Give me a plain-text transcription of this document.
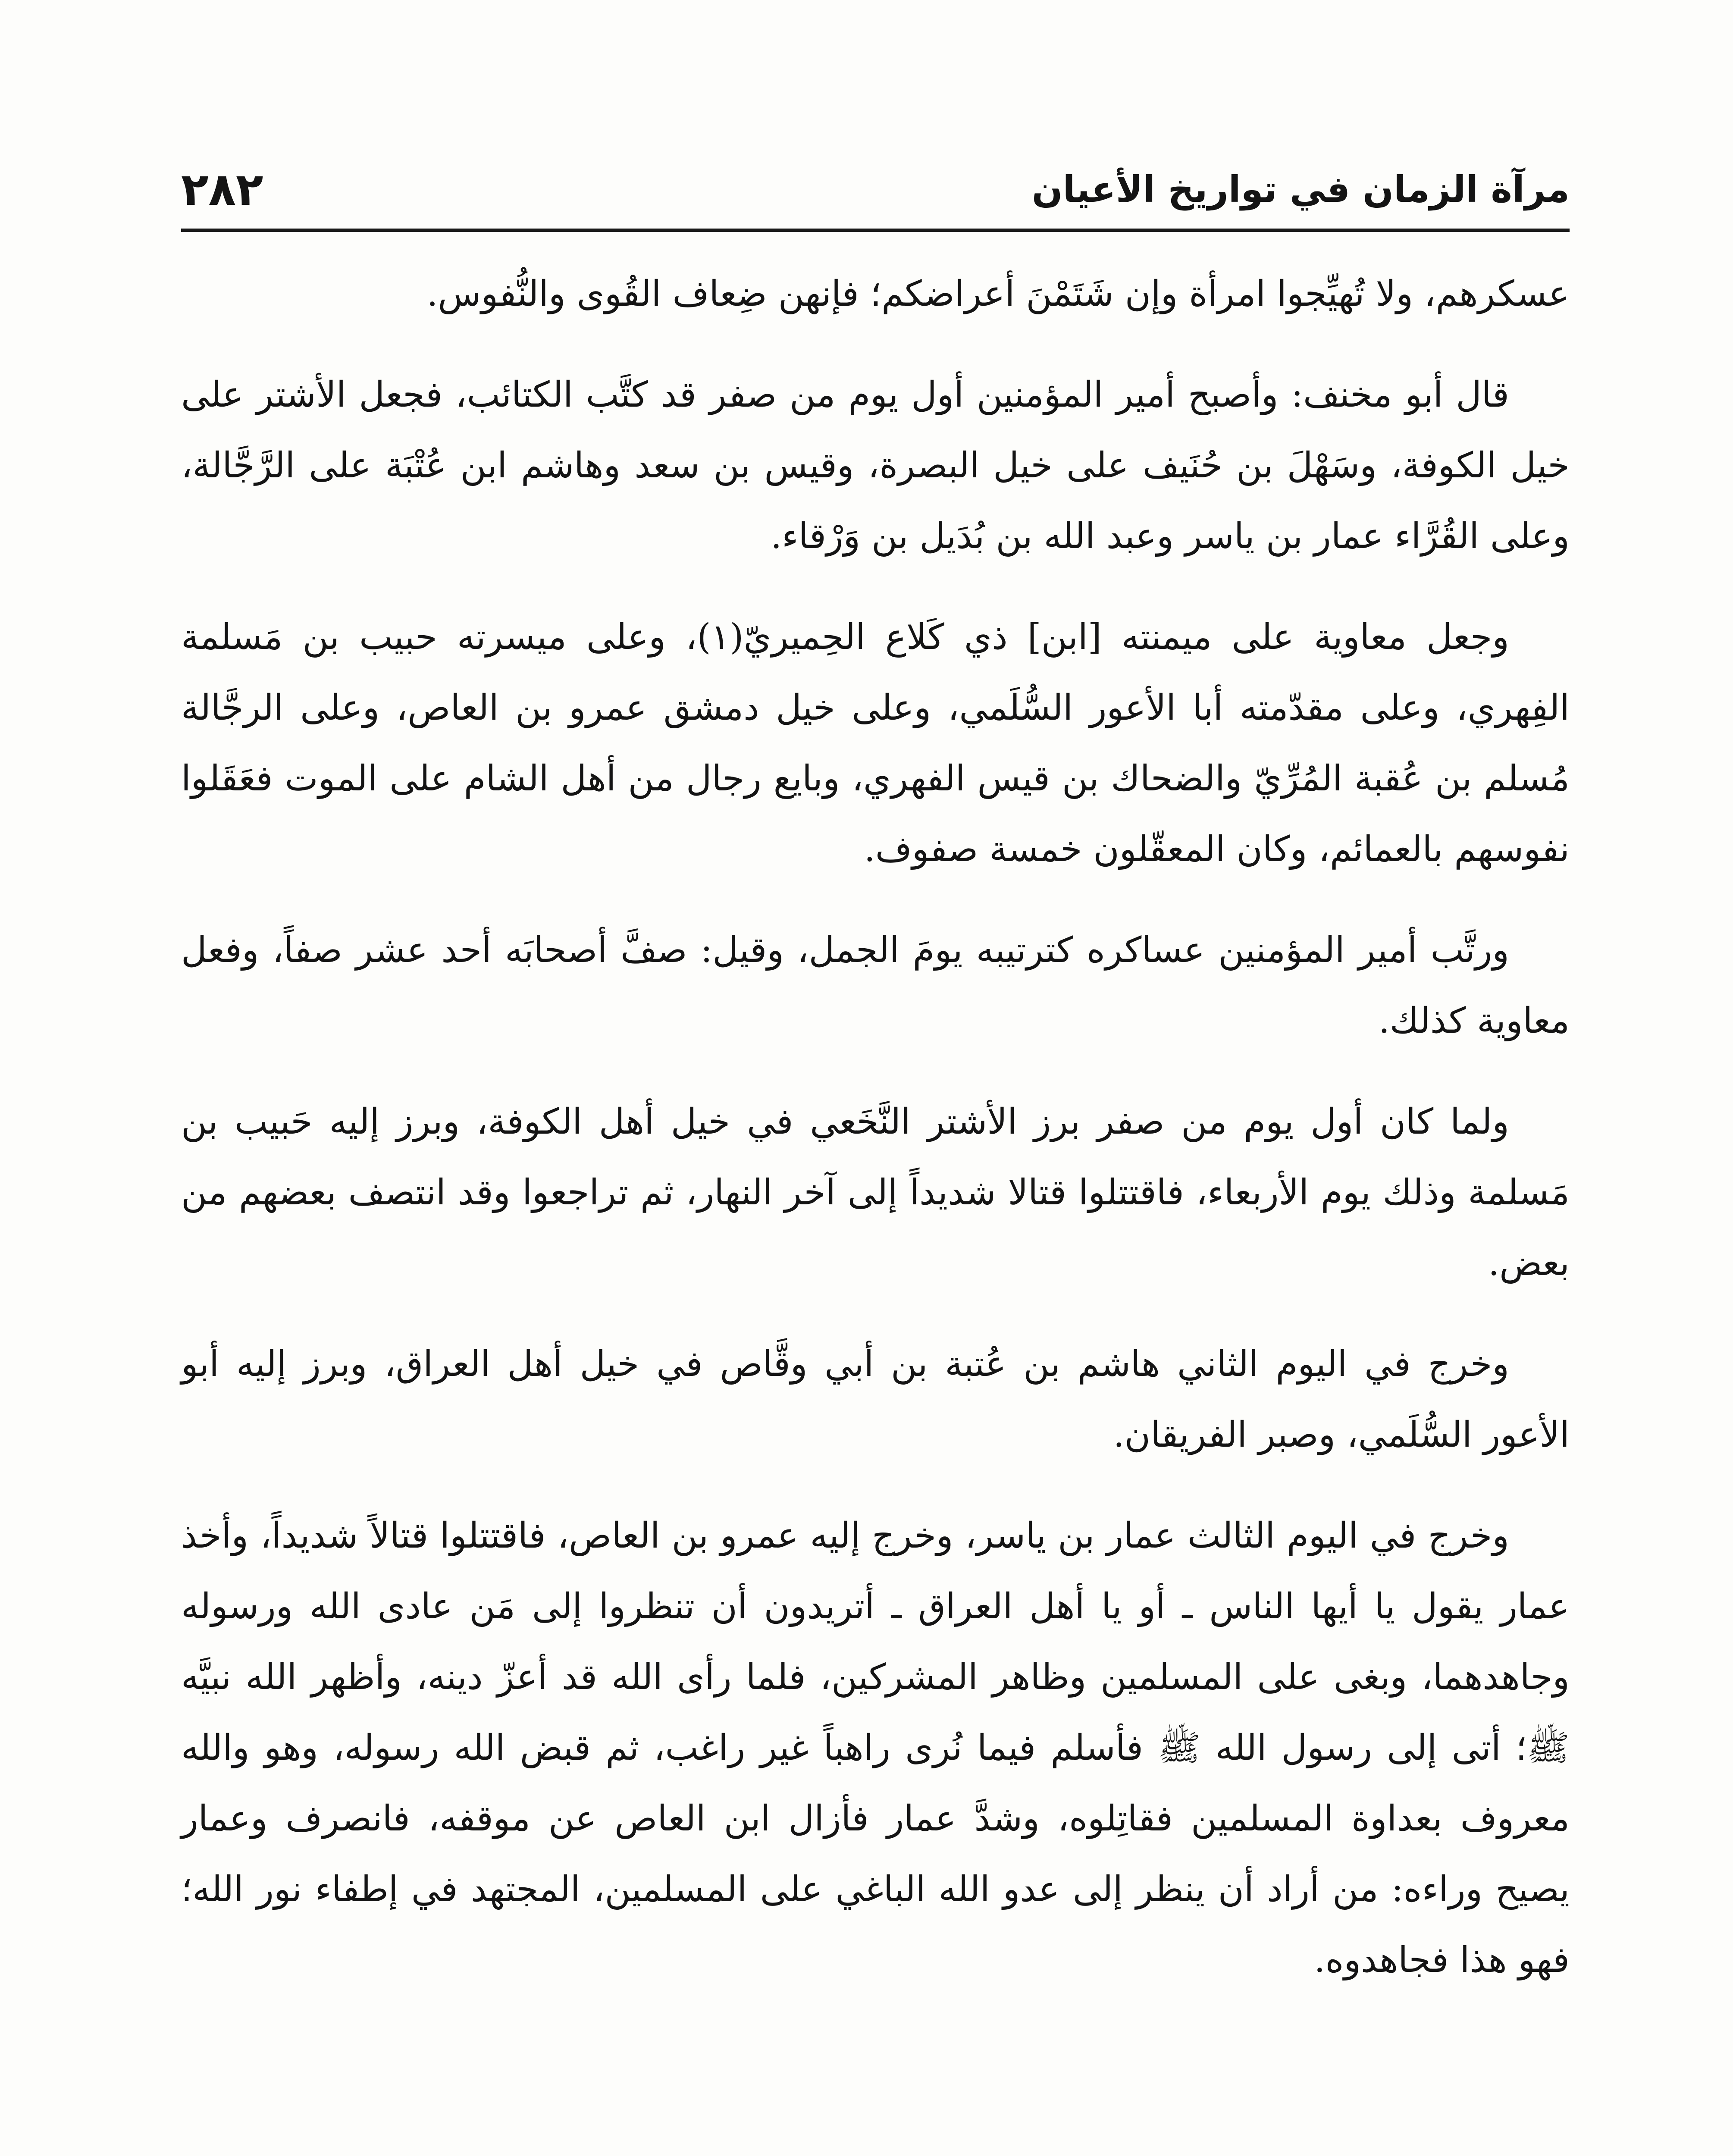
مرآة الزمان في تواريخ الأعيان
٢٨٢

عسكرهم، ولا تُهيِّجوا امرأة وإن شَتَمْنَ أعراضكم؛ فإنهن ضِعاف القُوى والنُّفوس.

قال أبو مخنف: وأصبح أمير المؤمنين أول يوم من صفر قد كتَّب الكتائب، فجعل الأشتر على خيل الكوفة، وسَهْلَ بن حُنَيف على خيل البصرة، وقيس بن سعد وهاشم ابن عُتْبَة على الرَّجَّالة، وعلى القُرَّاء عمار بن ياسر وعبد الله بن بُدَيل بن وَرْقاء.

وجعل معاوية على ميمنته [ابن] ذي كَلاع الحِميريّ(١)، وعلى ميسرته حبيب بن مَسلمة الفِهري، وعلى مقدّمته أبا الأعور السُّلَمي، وعلى خيل دمشق عمرو بن العاص، وعلى الرجَّالة مُسلم بن عُقبة المُرِّيّ والضحاك بن قيس الفهري، وبايع رجال من أهل الشام على الموت فعَقَلوا نفوسهم بالعمائم، وكان المعقّلون خمسة صفوف.

ورتَّب أمير المؤمنين عساكره كترتيبه يومَ الجمل، وقيل: صفَّ أصحابَه أحد عشر صفاً، وفعل معاوية كذلك.

ولما كان أول يوم من صفر برز الأشتر النَّخَعي في خيل أهل الكوفة، وبرز إليه حَبيب بن مَسلمة وذلك يوم الأربعاء، فاقتتلوا قتالا شديداً إلى آخر النهار، ثم تراجعوا وقد انتصف بعضهم من بعض.

وخرج في اليوم الثاني هاشم بن عُتبة بن أبي وقَّاص في خيل أهل العراق، وبرز إليه أبو الأعور السُّلَمي، وصبر الفريقان.

وخرج في اليوم الثالث عمار بن ياسر، وخرج إليه عمرو بن العاص، فاقتتلوا قتالاً شديداً، وأخذ عمار يقول يا أيها الناس ـ أو يا أهل العراق ـ أتريدون أن تنظروا إلى مَن عادى الله ورسوله وجاهدهما، وبغى على المسلمين وظاهر المشركين، فلما رأى الله قد أعزّ دينه، وأظهر الله نبيَّه ﷺ؛ أتى إلى رسول الله ﷺ فأسلم فيما نُرى راهباً غير راغب، ثم قبض الله رسوله، وهو والله معروف بعداوة المسلمين فقاتِلوه، وشدَّ عمار فأزال ابن العاص عن موقفه، فانصرف وعمار يصيح وراءه: من أراد أن ينظر إلى عدو الله الباغي على المسلمين، المجتهد في إطفاء نور الله؛ فهو هذا فجاهدوه.
